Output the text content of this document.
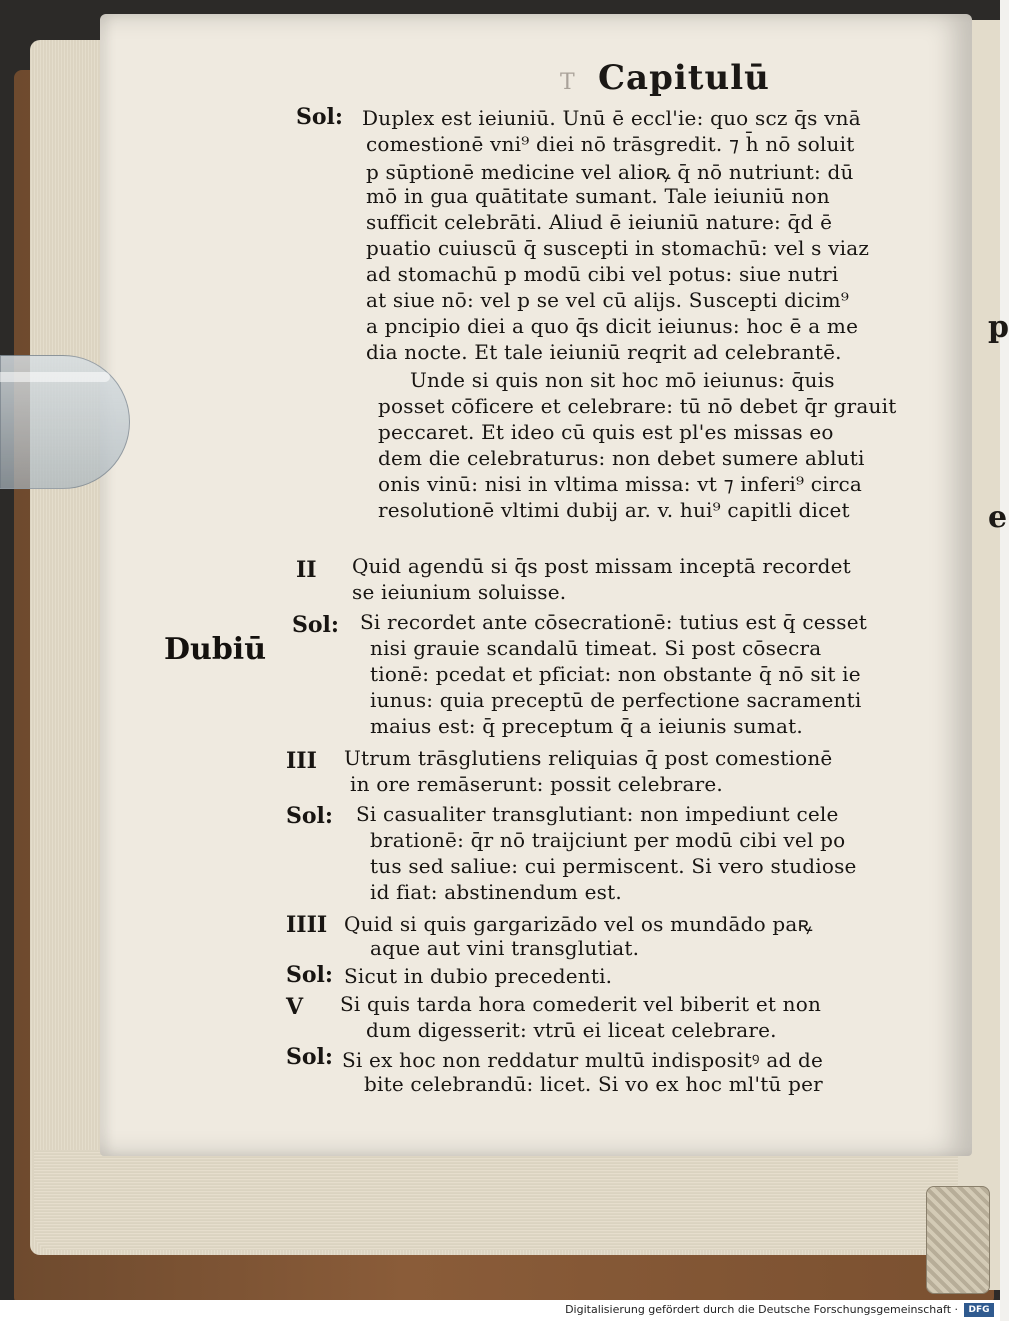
T Capitulū
Sol:
II
Sol:
III
Sol:
IIII
Sol:
V
Sol:
Dubiū
Duplex est ieiuniū. Unū ē eccl'ie: quo scz q̄s vnā
comestionē vni⁹ diei nō trāsgredit. ⁊ h̄ nō soluit
p sūptionē medicine vel alioꝶ q̄ nō nutriunt: dū
mō in gua quātitate sumant. Tale ieiuniū non
sufficit celebrāti. Aliud ē ieiuniū nature: q̄d ē
puatio cuiuscū q̄ suscepti in stomachū: vel s viaz
ad stomachū p modū cibi vel potus: siue nutri
at siue nō: vel p se vel cū alijs. Suscepti dicim⁹
a pncipio diei a quo q̄s dicit ieiunus: hoc ē a me
dia nocte. Et tale ieiuniū reqrit ad celebrantē.
Unde si quis non sit hoc mō ieiunus: q̄uis
posset cōficere et celebrare: tū nō debet q̄r grauit
peccaret. Et ideo cū quis est pl'es missas eo
dem die celebraturus: non debet sumere abluti
onis vinū: nisi in vltima missa: vt ⁊ inferi⁹ circa
resolutionē vltimi dubij ar. v. hui⁹ capitli dicet
Quid agendū si q̄s post missam inceptā recordet
se ieiunium soluisse.
Si recordet ante cōsecrationē: tutius est q̄ cesset
nisi grauie scandalū timeat. Si post cōsecra
tionē: pcedat et pficiat: non obstante q̄ nō sit ie
iunus: quia preceptū de perfectione sacramenti
maius est: q̄ preceptum q̄ a ieiunis sumat.
Utrum trāsglutiens reliquias q̄ post comestionē
in ore remāserunt: possit celebrare.
Si casualiter transglutiant: non impediunt cele
brationē: q̄r nō traijciunt per modū cibi vel po
tus sed saliue: cui permiscent. Si vero studiose
id fiat: abstinendum est.
Quid si quis gargarizādo vel os mundādo paꝶ
aque aut vini transglutiat.
Sicut in dubio precedenti.
Si quis tarda hora comederit vel biberit et non
dum digesserit: vtrū ei liceat celebrare.
Si ex hoc non reddatur multū indispositꝰ ad de
bite celebrandū: licet. Si vo ex hoc ml'tū per
p
e
Digitalisierung gefördert durch die Deutsche Forschungsgemeinschaft ·	DFG
